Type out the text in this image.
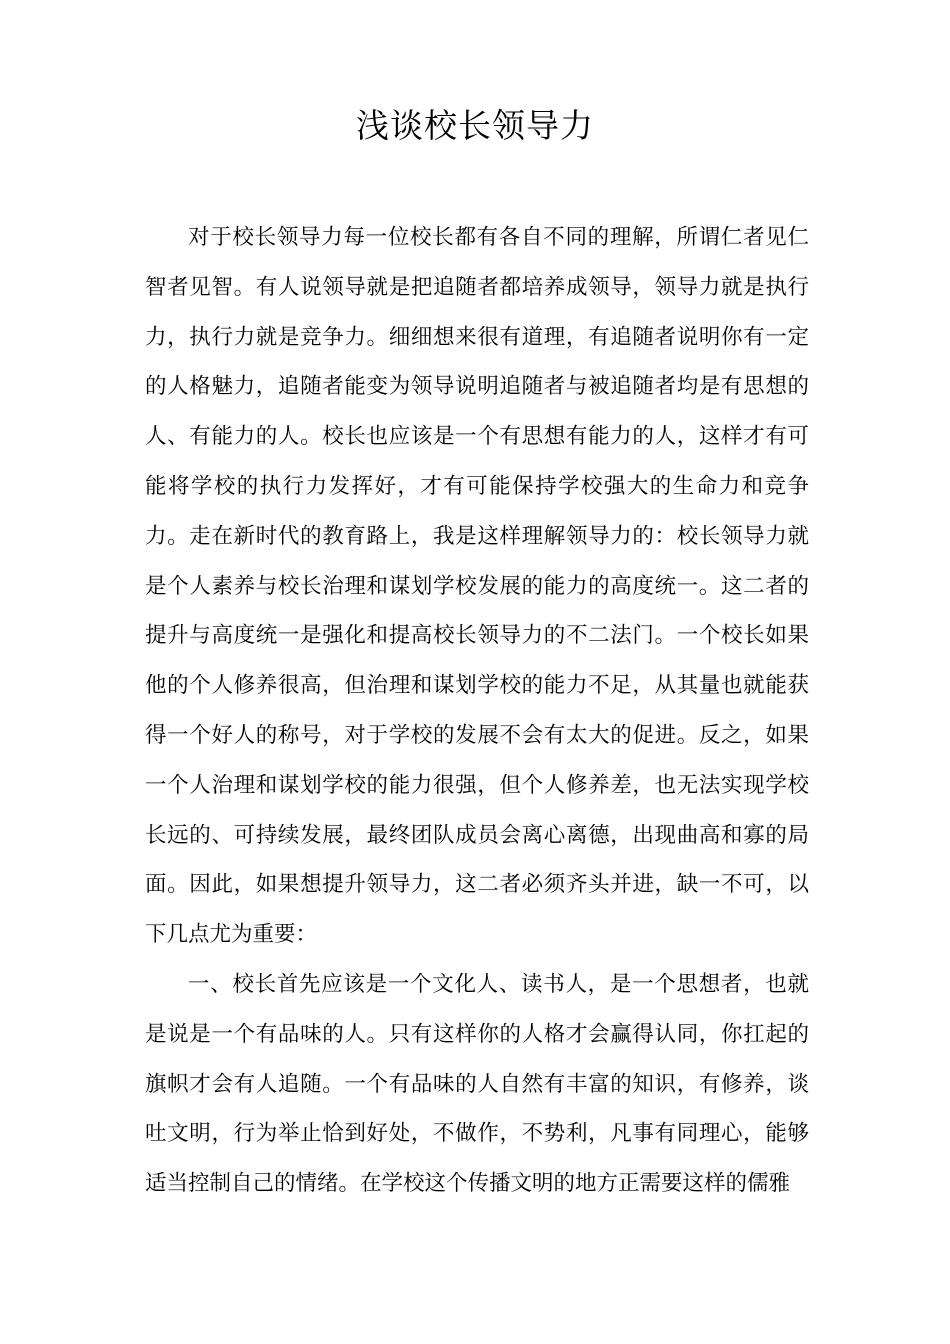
浅谈校长领导力

对于校长领导力每一位校长都有各自不同的理解，所谓仁者见仁智者见智。有人说领导就是把追随者都培养成领导，领导力就是执行力，执行力就是竞争力。细细想来很有道理，有追随者说明你有一定的人格魅力，追随者能变为领导说明追随者与被追随者均是有思想的人、有能力的人。校长也应该是一个有思想有能力的人，这样才有可能将学校的执行力发挥好，才有可能保持学校强大的生命力和竞争力。走在新时代的教育路上，我是这样理解领导力的：校长领导力就是个人素养与校长治理和谋划学校发展的能力的高度统一。这二者的提升与高度统一是强化和提高校长领导力的不二法门。一个校长如果他的个人修养很高，但治理和谋划学校的能力不足，从其量也就能获得一个好人的称号，对于学校的发展不会有太大的促进。反之，如果一个人治理和谋划学校的能力很强，但个人修养差，也无法实现学校长远的、可持续发展，最终团队成员会离心离德，出现曲高和寡的局面。因此，如果想提升领导力，这二者必须齐头并进，缺一不可，以下几点尤为重要：

一、校长首先应该是一个文化人、读书人，是一个思想者，也就是说是一个有品味的人。只有这样你的人格才会赢得认同，你扛起的旗帜才会有人追随。一个有品味的人自然有丰富的知识，有修养，谈吐文明，行为举止恰到好处，不做作，不势利，凡事有同理心，能够适当控制自己的情绪。在学校这个传播文明的地方正需要这样的儒雅
